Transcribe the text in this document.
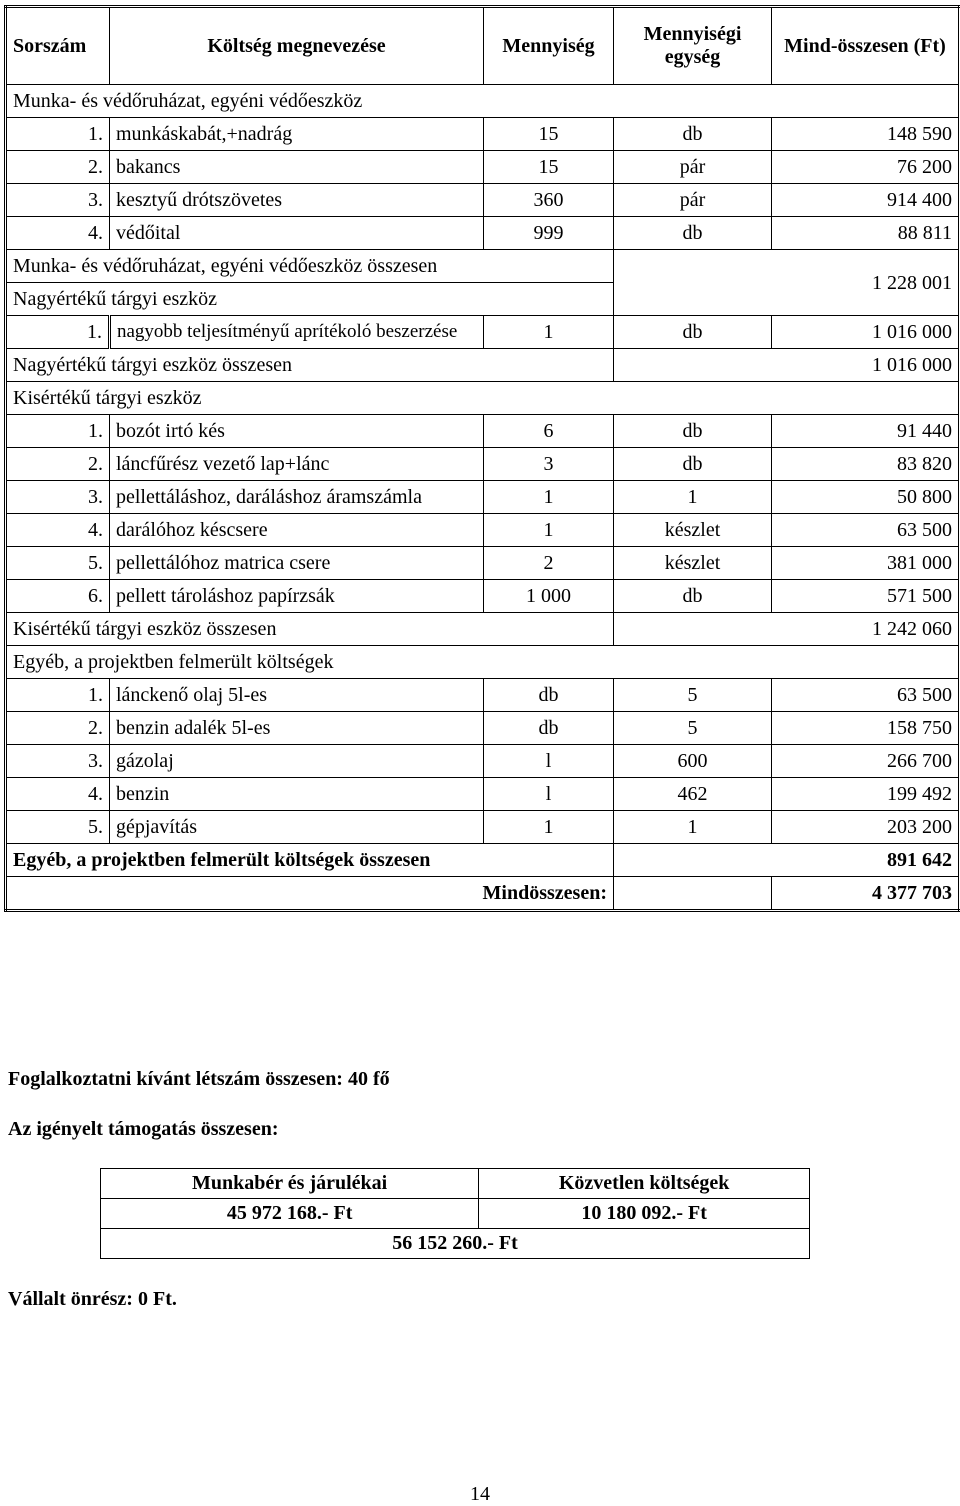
Sorszám	Költség megnevezése	Mennyiség	Mennyiségi egység	Mind-összesen (Ft)
Munka- és védőruházat, egyéni védőeszköz				
1.	munkáskabát,+nadrág	15	db	148 590
2.	bakancs	15	pár	76 200
3.	kesztyű drótszövetes	360	pár	914 400
4.	védőital	999	db	88 811
Munka- és védőruházat, egyéni védőeszköz összesen			1 228 001	
Nagyértékű tárgyi eszköz				
1.	nagyobb teljesítményű aprítékoló beszerzése	1	db	1 016 000
Nagyértékű tárgyi eszköz összesen			1 016 000	
Kisértékű tárgyi eszköz				
1.	bozót irtó kés	6	db	91 440
2.	láncfűrész vezető lap+lánc	3	db	83 820
3.	pellettáláshoz, daráláshoz áramszámla	1	1	50 800
4.	darálóhoz késcsere	1	készlet	63 500
5.	pellettálóhoz matrica csere	2	készlet	381 000
6.	pellett tároláshoz papírzsák	1 000	db	571 500
Kisértékű tárgyi eszköz összesen			1 242 060	
Egyéb, a projektben felmerült költségek				
1.	lánckenő olaj 5l-es	db	5	63 500
2.	benzin adalék 5l-es	db	5	158 750
3.	gázolaj	l	600	266 700
4.	benzin	l	462	199 492
5.	gépjavítás	1	1	203 200
Egyéb, a projektben felmerült költségek összesen			891 642	
Mindösszesen:				4 377 703
Foglalkoztatni kívánt létszám összesen: 40 fő
Az igényelt támogatás összesen:
Munkabér és járulékai	Közvetlen költségek
45 972 168.- Ft	10 180 092.- Ft
56 152 260.- Ft	
Vállalt önrész: 0 Ft.
14
